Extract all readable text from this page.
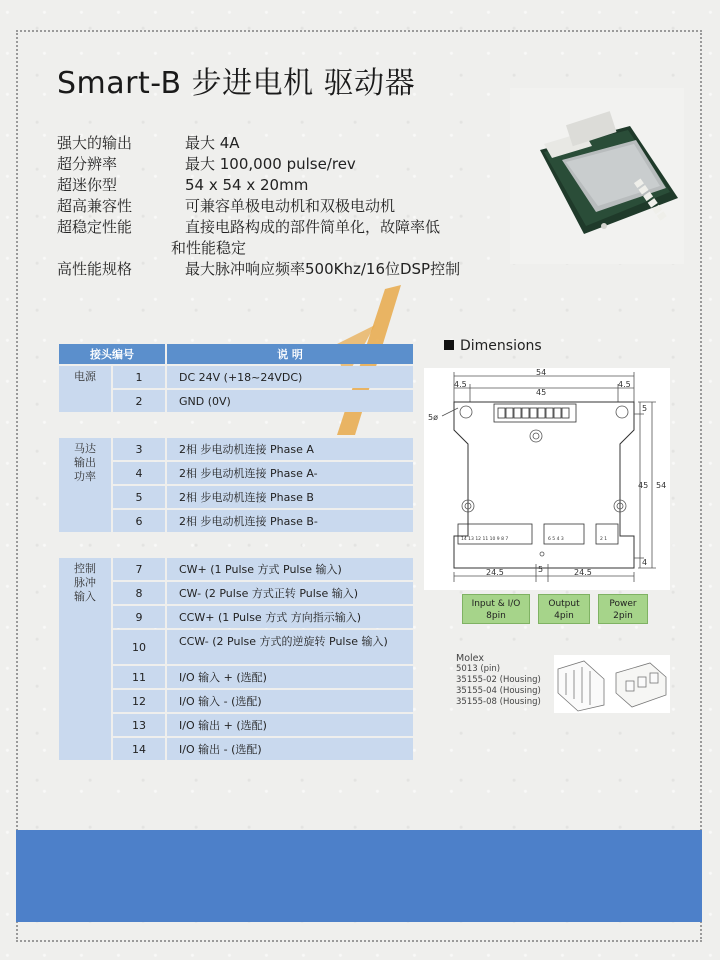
Smart-B 步进电机 驱动器
强大的输出	最大 4A
超分辨率	最大 100,000 pulse/rev
超迷你型	54 x 54 x 20mm
超高兼容性	可兼容单极电动机和双极电动机
超稳定性能	直接电路构成的部件简单化，故障率低
和性能稳定
高性能规格	最大脉冲响应频率500Khz/16位DSP控制
接头编号		说 明
电源	1	DC 24V (+18~24VDC)
	2	GND (0V)

马达
输出
功率	3	2相 步电动机连接 Phase A
	4	2相 步电动机连接 Phase A-
	5	2相 步电动机连接 Phase B
	6	2相 步电动机连接 Phase B-

控制
脉冲
输入	7	CW+ (1 Pulse 方式 Pulse 输入)
	8	CW- (2 Pulse 方式正转 Pulse 输入)
	9	CCW+ (1 Pulse 方式 方向指示输入)
	10	CCW- (2 Pulse 方式的逆旋转 Pulse 输入)
	11	I/O 输入 + (选配)
	12	I/O 输入 - (选配)
	13	I/O 输出 + (选配)
	14	I/O 输出 - (选配)
Dimensions
54
4.5
45
4.5
5ø
5
45 54
4
24.5	5	24.5
14 13 12 11 10 9 8 7	6 5 4 3	2 1
Input & I/O
8pin
Output
4pin
Power
2pin
Molex
5013 (pin)
35155-02 (Housing)
35155-04 (Housing)
35155-08 (Housing)
